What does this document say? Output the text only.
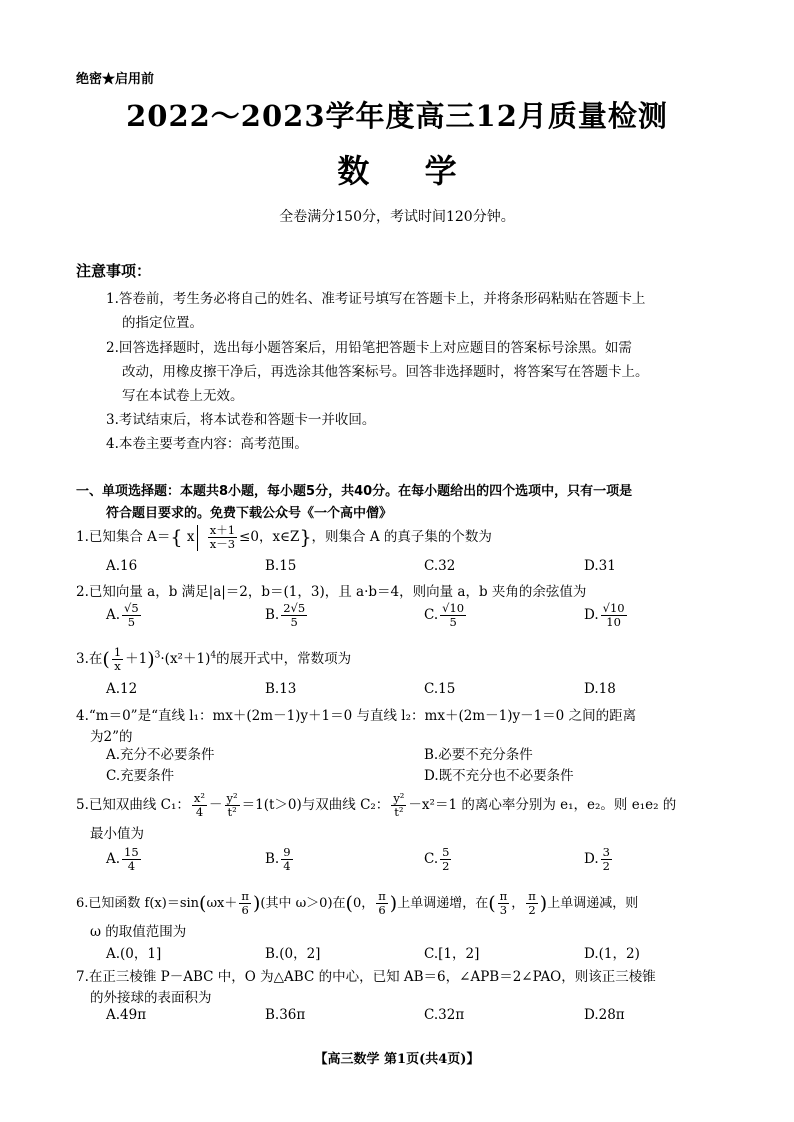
绝密★启用前
2022～2023学年度高三12月质量检测
数 学
全卷满分150分，考试时间120分钟。
注意事项：
1.答卷前，考生务必将自己的姓名、准考证号填写在答题卡上，并将条形码粘贴在答题卡上
的指定位置。
2.回答选择题时，选出每小题答案后，用铅笔把答题卡上对应题目的答案标号涂黑。如需
改动，用橡皮擦干净后，再选涂其他答案标号。回答非选择题时，将答案写在答题卡上。
写在本试卷上无效。
3.考试结束后，将本试卷和答题卡一并收回。
4.本卷主要考查内容：高考范围。
一、单项选择题：本题共8小题，每小题5分，共40分。在每小题给出的四个选项中，只有一项是
符合题目要求的。免费下载公众号《一个高中僧》
1.已知集合 A＝{ x $\frac{x+1}{x-3} \le 0$，x∈Z}，则集合 A 的真子集的个数为
A.16	B.15	C.32	D.31
2.已知向量 a，b 满足|a|＝2，b＝(1，3)，且 a·b＝4，则向量 a，b 夹角的余弦值为
A. $\frac{√5}{5}$	B. $\frac{2√5}{5}$	C. $\frac{√10}{5}$	D. $\frac{√10}{10}$
3.在( $\frac{1}{x} +1)^3\cdot(x^2+1)^4$的展开式中，常数项为
A.12	B.13	C.15	D.18
4.“m＝0”是“直线 l₁：mx＋(2m－1)y＋1＝0 与直线 l₂：mx＋(2m－1)y－1＝0 之间的距离
为2”的
A.充分不必要条件	B.必要不充分条件
C.充要条件	D.既不充分也不必要条件
5.已知双曲线 C₁： $\frac{\text{x²}}{4} - \frac{\text{y²}}{\text{t²}} =1(t>0)$与双曲线 C₂： $\frac{\text{y²}}{\text{t²}} -x^2=1$ 的离心率分别为 e₁，e₂。则 e₁e₂ 的
最小值为
A. $\frac{15}{4}$	B. $\frac{9}{4}$	C. $\frac{5}{2}$	D. $\frac{3}{2}$
6.已知函数 $f(x)=\sin(\omega x+ \frac{\pi}{6}$ )(其中 ω＞0)在(0， $\frac{\pi}{6}$ )上单调递增，在( $\frac{\pi}{3}$ ， $\frac{\pi}{2}$ )上单调递减，则
ω 的取值范围为
A.(0，1]	B.(0，2]	C.[1，2]	D.(1，2)
7.在正三棱锥 P－ABC 中，O 为△ABC 的中心，已知 AB＝6，∠APB＝2∠PAO，则该正三棱锥
的外接球的表面积为
A.49π	B.36π	C.32π	D.28π
【高三数学 第1页(共4页)】
